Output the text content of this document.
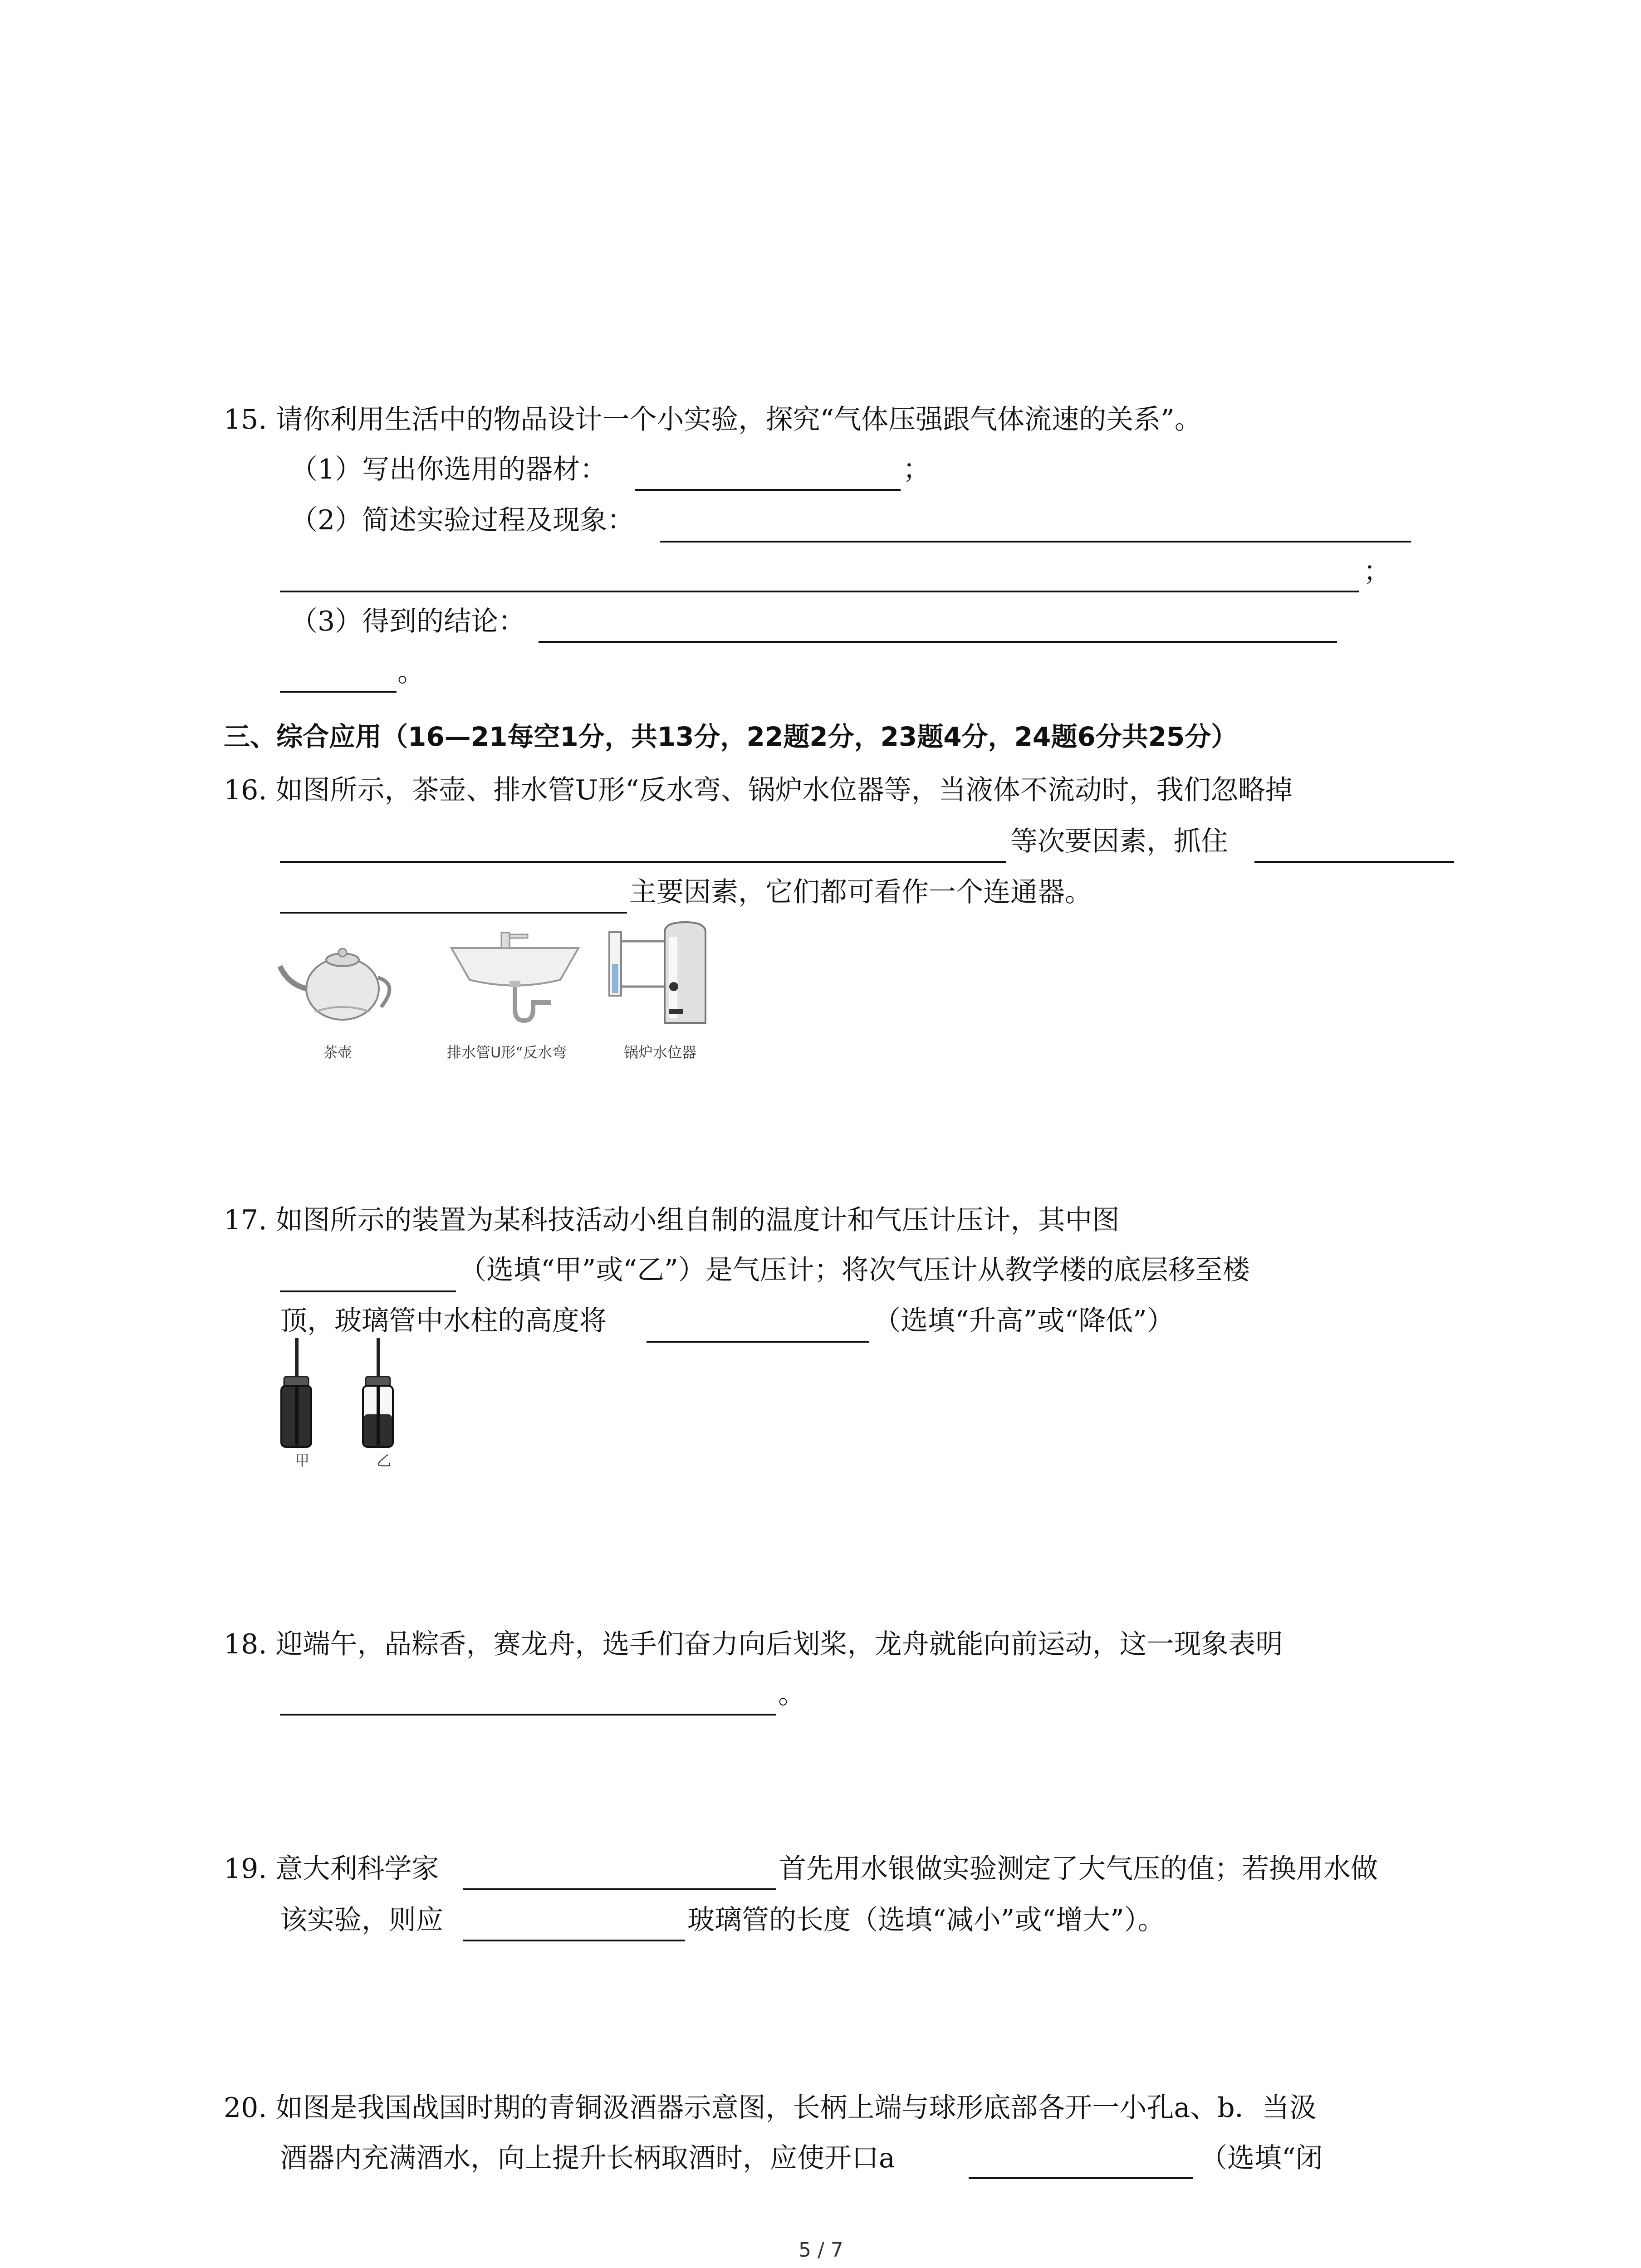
15. 请你利用生活中的物品设计一个小实验，探究“气体压强跟气体流速的关系”。
（1）写出你选用的器材：	；
（2）简述实验过程及现象：
；
（3）得到的结论：
。
三、综合应用（16—21每空1分，共13分，22题2分，23题4分，24题6分共25分）
16. 如图所示，茶壶、排水管U形“反水弯、锅炉水位器等，当液体不流动时，我们忽略掉
等次要因素，抓住
主要因素，它们都可看作一个连通器。
茶壶	排水管U形“反水弯	锅炉水位器
17. 如图所示的装置为某科技活动小组自制的温度计和气压计压计，其中图
（选填“甲”或“乙”）是气压计；将次气压计从教学楼的底层移至楼
顶，玻璃管中水柱的高度将	（选填“升高”或“降低”）
甲	乙
18. 迎端午，品粽香，赛龙舟，选手们奋力向后划桨，龙舟就能向前运动，这一现象表明
。
19. 意大利科学家	首先用水银做实验测定了大气压的值；若换用水做
该实验，则应	玻璃管的长度（选填“减小”或“增大”）。
20. 如图是我国战国时期的青铜汲酒器示意图，长柄上端与球形底部各开一小孔a、b．当汲
酒器内充满酒水，向上提升长柄取酒时，应使开口a	（选填“闭
5 / 7
